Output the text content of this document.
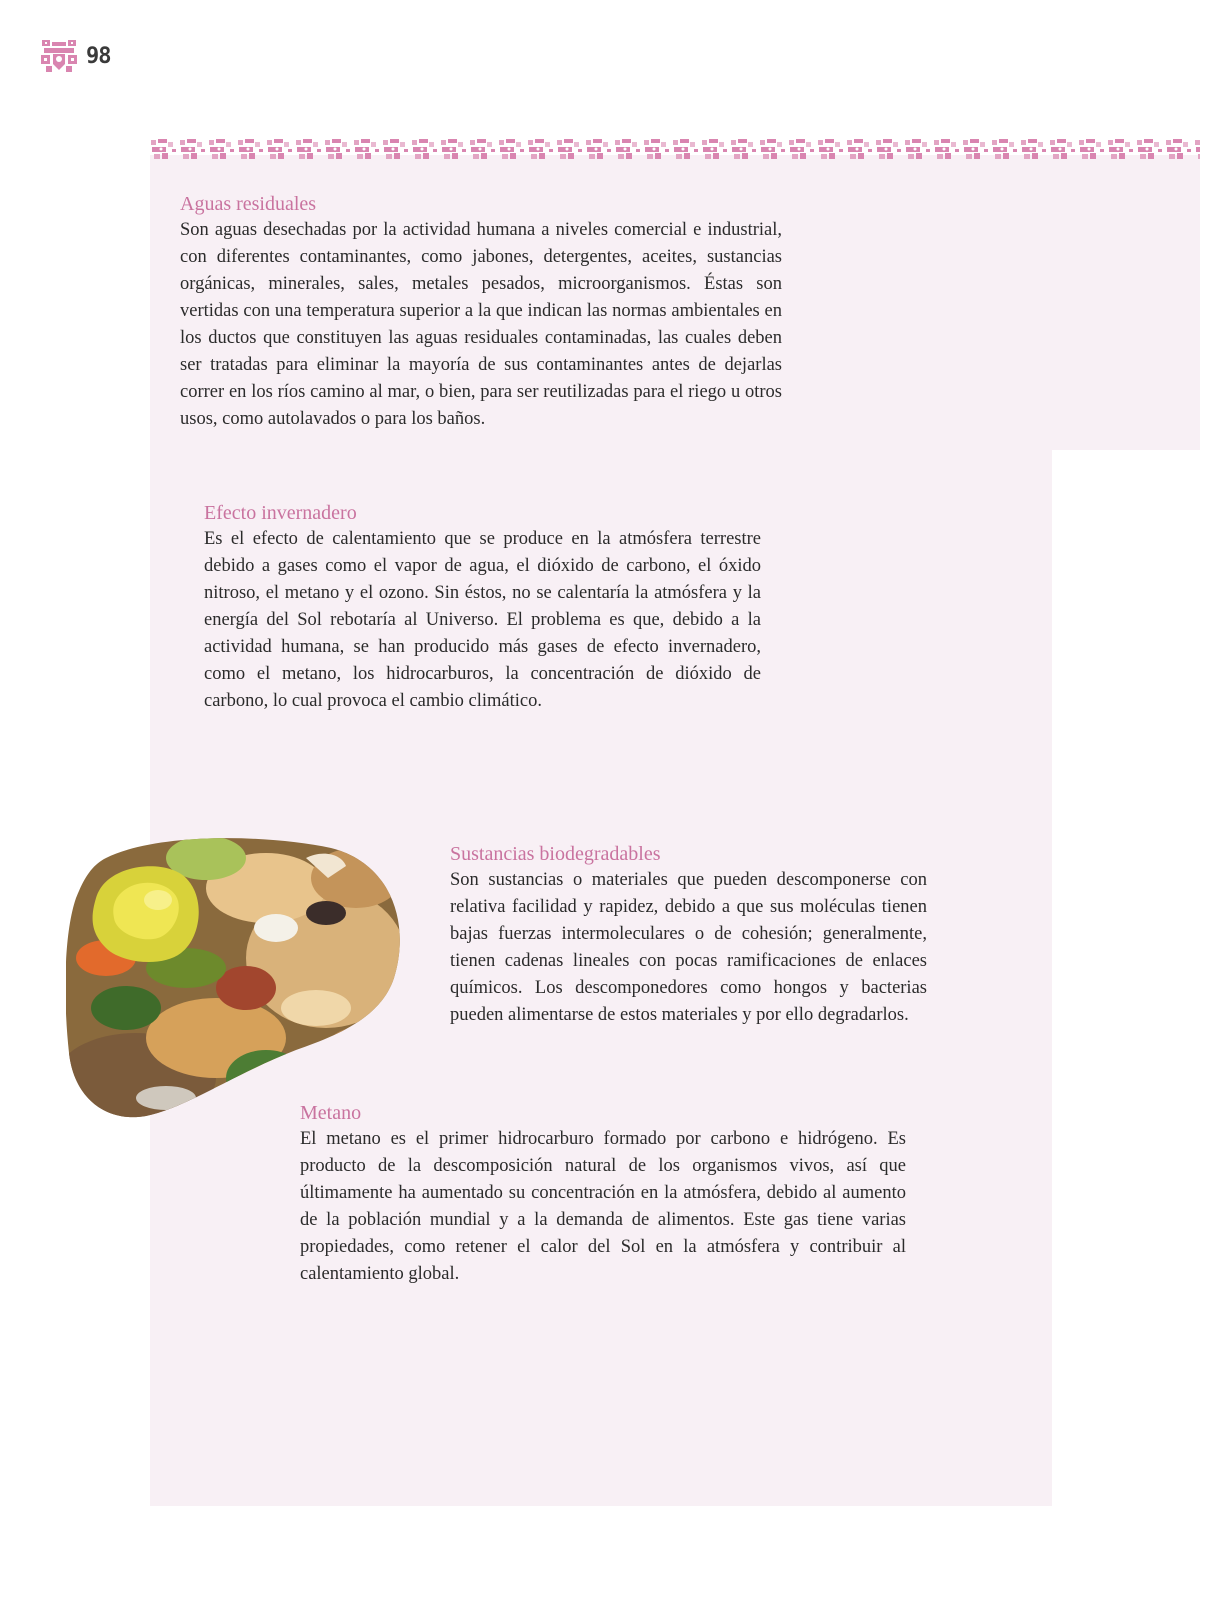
98
Aguas residuales

Son aguas desechadas por la actividad humana a niveles comercial e industrial, con diferentes contaminantes, como jabones, detergentes, aceites, sustancias orgánicas, minerales, sales, metales pesados, microorganismos. Éstas son vertidas con una temperatura superior a la que indican las normas ambientales en los ductos que constituyen las aguas residuales contaminadas, las cuales deben ser tratadas para eliminar la mayoría de sus contaminantes antes de dejarlas correr en los ríos camino al mar, o bien, para ser reutilizadas para el riego u otros usos, como autolavados o para los baños.

Efecto invernadero

Es el efecto de calentamiento que se produce en la atmósfera terrestre debido a gases como el vapor de agua, el dióxido de carbono, el óxido nitroso, el metano y el ozono. Sin éstos, no se calentaría la atmósfera y la energía del Sol rebotaría al Universo. El problema es que, debido a la actividad humana, se han producido más gases de efecto invernadero, como el metano, los hidrocarburos, la concentración de dióxido de carbono, lo cual provoca el cambio climático.

Sustancias biodegradables

Son sustancias o materiales que pueden descomponerse con relativa facilidad y rapidez, debido a que sus moléculas tienen bajas fuerzas intermoleculares o de cohesión; generalmente, tienen cadenas lineales con pocas ramificaciones de enlaces químicos. Los descomponedores como hongos y bacterias pueden alimentarse de estos materiales y por ello degradarlos.

Metano

El metano es el primer hidrocarburo formado por carbono e hidrógeno. Es producto de la descomposición natural de los organismos vivos, así que últimamente ha aumentado su concentración en la atmósfera, debido al aumento de la población mundial y a la demanda de alimentos. Este gas tiene varias propiedades, como retener el calor del Sol en la atmósfera y contribuir al calentamiento global.
